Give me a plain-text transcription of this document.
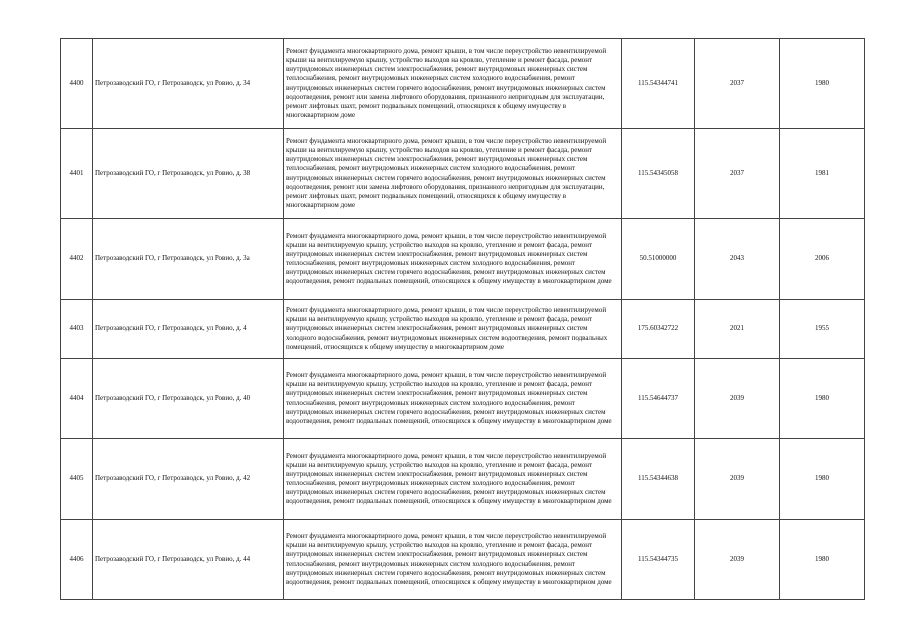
4400	Петрозаводский ГО, г Петрозаводск, ул Ровио, д. 34	Ремонт фундамента многоквартирного дома, ремонт крыши, в том числе переустройство невентилируемой крыши на вентилируемую крышу, устройство выходов на кровлю, утепление и ремонт фасада, ремонт внутридомовых инженерных систем электроснабжения, ремонт внутридомовых инженерных систем теплоснабжения, ремонт внутридомовых инженерных систем холодного водоснабжения, ремонт внутридомовых инженерных систем горячего водоснабжения, ремонт внутридомовых инженерных систем водоотведения, ремонт или замена лифтового оборудования, признанного непригодным для эксплуатации, ремонт лифтовых шахт, ремонт подвальных помещений, относящихся к общему имуществу в многоквартирном доме	115.54344741	2037	1980
4401	Петрозаводский ГО, г Петрозаводск, ул Ровио, д. 38	Ремонт фундамента многоквартирного дома, ремонт крыши, в том числе переустройство невентилируемой крыши на вентилируемую крышу, устройство выходов на кровлю, утепление и ремонт фасада, ремонт внутридомовых инженерных систем электроснабжения, ремонт внутридомовых инженерных систем теплоснабжения, ремонт внутридомовых инженерных систем холодного водоснабжения, ремонт внутридомовых инженерных систем горячего водоснабжения, ремонт внутридомовых инженерных систем водоотведения, ремонт или замена лифтового оборудования, признанного непригодным для эксплуатации, ремонт лифтовых шахт, ремонт подвальных помещений, относящихся к общему имуществу в многоквартирном доме	115.54345058	2037	1981
4402	Петрозаводский ГО, г Петрозаводск, ул Ровио, д. 3а	Ремонт фундамента многоквартирного дома, ремонт крыши, в том числе переустройство невентилируемой крыши на вентилируемую крышу, устройство выходов на кровлю, утепление и ремонт фасада, ремонт внутридомовых инженерных систем электроснабжения, ремонт внутридомовых инженерных систем теплоснабжения, ремонт внутридомовых инженерных систем холодного водоснабжения, ремонт внутридомовых инженерных систем горячего водоснабжения, ремонт внутридомовых инженерных систем водоотведения, ремонт подвальных помещений, относящихся к общему имуществу в многоквартирном доме	50.51000000	2043	2006
4403	Петрозаводский ГО, г Петрозаводск, ул Ровио, д. 4	Ремонт фундамента многоквартирного дома, ремонт крыши, в том числе переустройство невентилируемой крыши на вентилируемую крышу, устройство выходов на кровлю, утепление и ремонт фасада, ремонт внутридомовых инженерных систем электроснабжения, ремонт внутридомовых инженерных систем холодного водоснабжения, ремонт внутридомовых инженерных систем водоотведения, ремонт подвальных помещений, относящихся к общему имуществу в многоквартирном доме	175.60342722	2021	1955
4404	Петрозаводский ГО, г Петрозаводск, ул Ровио, д. 40	Ремонт фундамента многоквартирного дома, ремонт крыши, в том числе переустройство невентилируемой крыши на вентилируемую крышу, устройство выходов на кровлю, утепление и ремонт фасада, ремонт внутридомовых инженерных систем электроснабжения, ремонт внутридомовых инженерных систем теплоснабжения, ремонт внутридомовых инженерных систем холодного водоснабжения, ремонт внутридомовых инженерных систем горячего водоснабжения, ремонт внутридомовых инженерных систем водоотведения, ремонт подвальных помещений, относящихся к общему имуществу в многоквартирном доме	115.54644737	2039	1980
4405	Петрозаводский ГО, г Петрозаводск, ул Ровио, д. 42	Ремонт фундамента многоквартирного дома, ремонт крыши, в том числе переустройство невентилируемой крыши на вентилируемую крышу, устройство выходов на кровлю, утепление и ремонт фасада, ремонт внутридомовых инженерных систем электроснабжения, ремонт внутридомовых инженерных систем теплоснабжения, ремонт внутридомовых инженерных систем холодного водоснабжения, ремонт внутридомовых инженерных систем горячего водоснабжения, ремонт внутридомовых инженерных систем водоотведения, ремонт подвальных помещений, относящихся к общему имуществу в многоквартирном доме	115.54344638	2039	1980
4406	Петрозаводский ГО, г Петрозаводск, ул Ровио, д. 44	Ремонт фундамента многоквартирного дома, ремонт крыши, в том числе переустройство невентилируемой крыши на вентилируемую крышу, устройство выходов на кровлю, утепление и ремонт фасада, ремонт внутридомовых инженерных систем электроснабжения, ремонт внутридомовых инженерных систем теплоснабжения, ремонт внутридомовых инженерных систем холодного водоснабжения, ремонт внутридомовых инженерных систем горячего водоснабжения, ремонт внутридомовых инженерных систем водоотведения, ремонт подвальных помещений, относящихся к общему имуществу в многоквартирном доме	115.54344735	2039	1980
